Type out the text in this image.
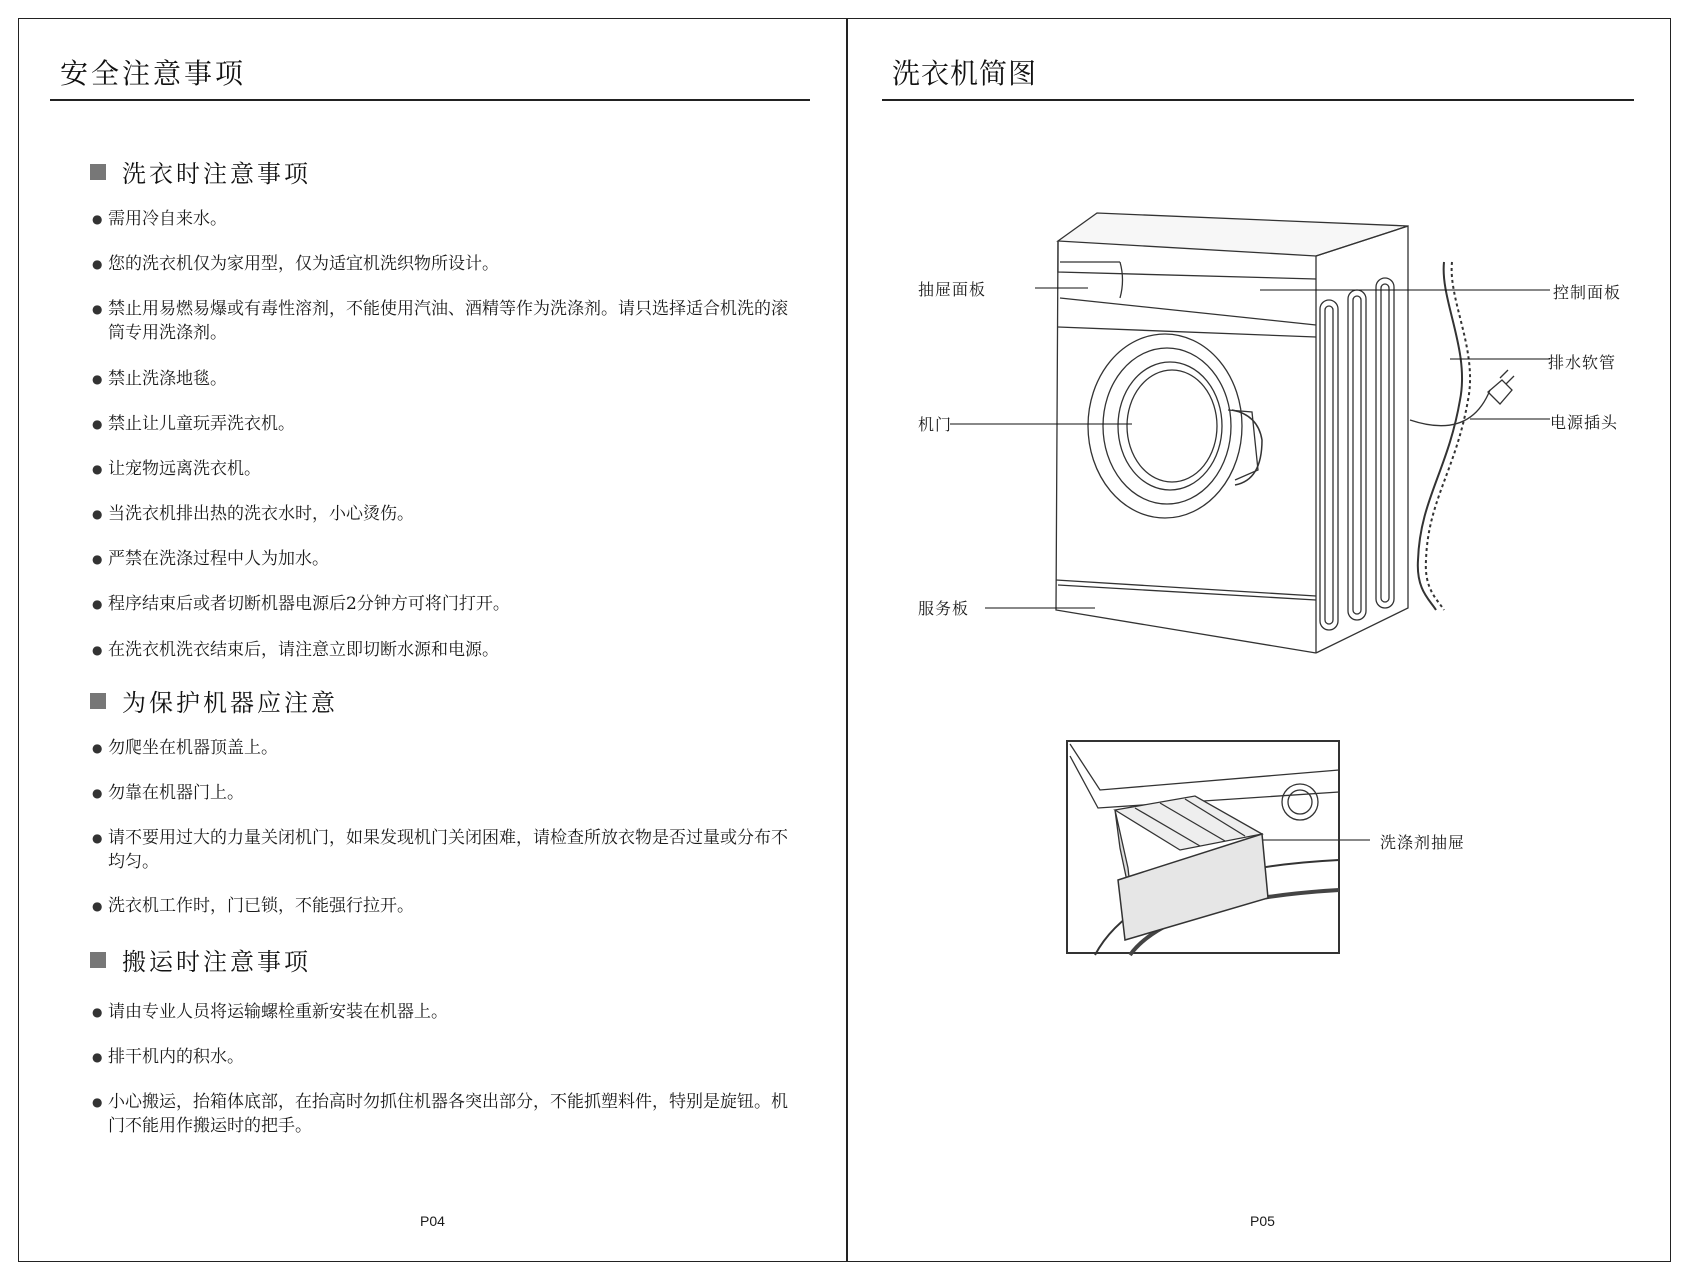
安全注意事项
洗衣时注意事项
● 需用冷自来水。
● 您的洗衣机仅为家用型，仅为适宜机洗织物所设计。
● 禁止用易燃易爆或有毒性溶剂，不能使用汽油、酒精等作为洗涤剂。请只选择适合机洗的滚筒专用洗涤剂。
● 禁止洗涤地毯。
● 禁止让儿童玩弄洗衣机。
● 让宠物远离洗衣机。
● 当洗衣机排出热的洗衣水时，小心烫伤。
● 严禁在洗涤过程中人为加水。
● 程序结束后或者切断机器电源后2分钟方可将门打开。
● 在洗衣机洗衣结束后，请注意立即切断水源和电源。
为保护机器应注意
● 勿爬坐在机器顶盖上。
● 勿靠在机器门上。
● 请不要用过大的力量关闭机门，如果发现机门关闭困难，请检查所放衣物是否过量或分布不均匀。
● 洗衣机工作时，门已锁，不能强行拉开。
搬运时注意事项
● 请由专业人员将运输螺栓重新安装在机器上。
● 排干机内的积水。
● 小心搬运，抬箱体底部，在抬高时勿抓住机器各突出部分，不能抓塑料件，特别是旋钮。机门不能用作搬运时的把手。
P04
洗衣机简图
抽屉面板	控制面板
排水软管
机门	电源插头
服务板
洗涤剂抽屉
P05
